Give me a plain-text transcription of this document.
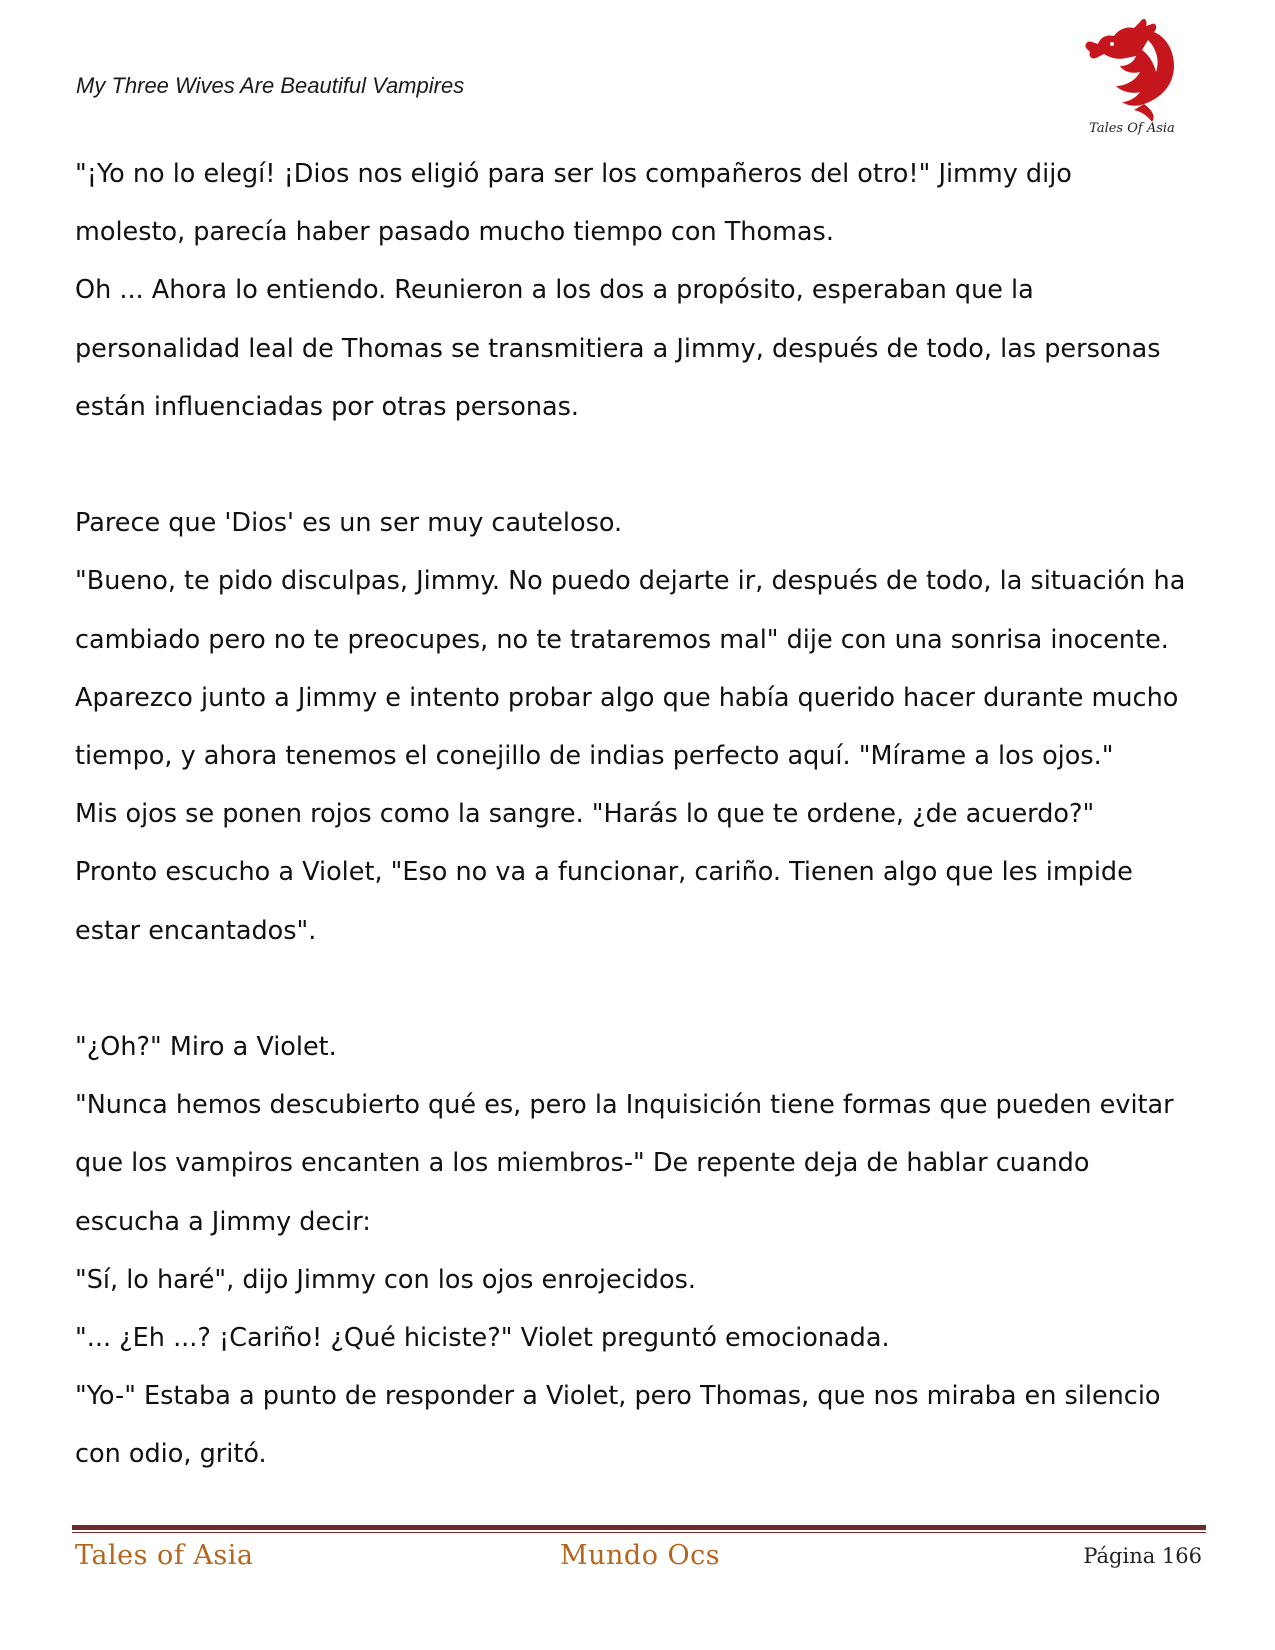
My Three Wives Are Beautiful Vampires
Tales Of Asia

"¡Yo no lo elegí! ¡Dios nos eligió para ser los compañeros del otro!" Jimmy dijo

molesto, parecía haber pasado mucho tiempo con Thomas.

Oh ... Ahora lo entiendo. Reunieron a los dos a propósito, esperaban que la

personalidad leal de Thomas se transmitiera a Jimmy, después de todo, las personas

están influenciadas por otras personas.

Parece que 'Dios' es un ser muy cauteloso.

"Bueno, te pido disculpas, Jimmy. No puedo dejarte ir, después de todo, la situación ha

cambiado pero no te preocupes, no te trataremos mal" dije con una sonrisa inocente.

Aparezco junto a Jimmy e intento probar algo que había querido hacer durante mucho

tiempo, y ahora tenemos el conejillo de indias perfecto aquí. "Mírame a los ojos."

Mis ojos se ponen rojos como la sangre. "Harás lo que te ordene, ¿de acuerdo?"

Pronto escucho a Violet, "Eso no va a funcionar, cariño. Tienen algo que les impide

estar encantados".

"¿Oh?" Miro a Violet.

"Nunca hemos descubierto qué es, pero la Inquisición tiene formas que pueden evitar

que los vampiros encanten a los miembros-" De repente deja de hablar cuando

escucha a Jimmy decir:

"Sí, lo haré", dijo Jimmy con los ojos enrojecidos.

"... ¿Eh ...? ¡Cariño! ¿Qué hiciste?" Violet preguntó emocionada.

"Yo-" Estaba a punto de responder a Violet, pero Thomas, que nos miraba en silencio

con odio, gritó.

Tales of Asia	Mundo Ocs	Página 166
